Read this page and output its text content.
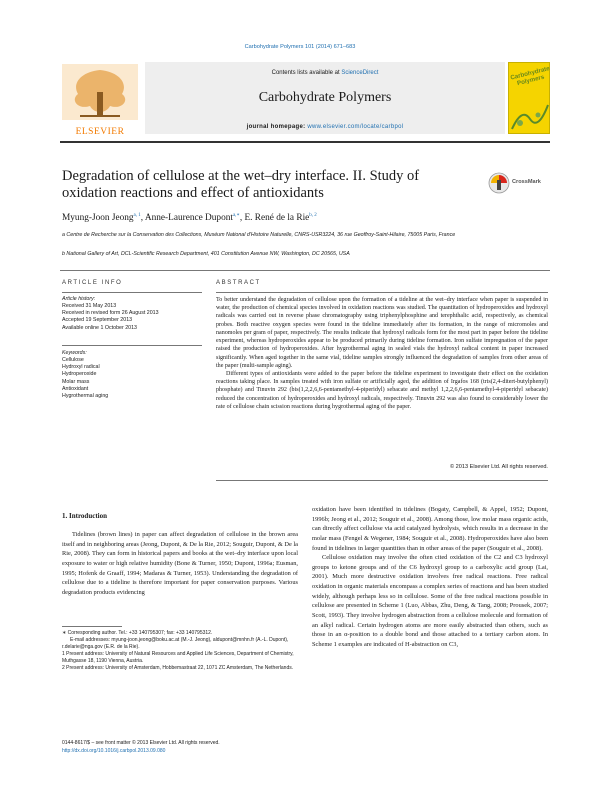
Carbohydrate Polymers 101 (2014) 671–683
ELSEVIER
Contents lists available at ScienceDirect
Carbohydrate Polymers
journal homepage: www.elsevier.com/locate/carbpol
Carbohydrate Polymers
Degradation of cellulose at the wet–dry interface. II. Study of oxidation reactions and effect of antioxidants
CrossMark
Myung-Joon Jeong$^{a, 1}$, Anne-Laurence Dupont$^{a,∗}$, E. René de la Rie$^{b, 2}$
a Centre de Recherche sur la Conservation des Collections, Muséum National d'Histoire Naturelle, CNRS-USR3224, 36 rue Geoffroy-Saint-Hilaire, 75005 Paris, France
b National Gallery of Art, DCL-Scientific Research Department, 401 Constitution Avenue NW, Washington, DC 20565, USA
ARTICLE INFO
Article history:
Received 31 May 2013
Received in revised form 26 August 2013
Accepted 19 September 2013
Available online 1 October 2013
Keywords:
Cellulose
Hydroxyl radical
Hydroperoxide
Molar mass
Antioxidant
Hygrothermal aging
ABSTRACT

To better understand the degradation of cellulose upon the formation of a tideline at the wet–dry interface when paper is suspended in water, the production of chemical species involved in oxidation reactions was studied. The quantitation of hydroperoxides and hydroxyl radicals was carried out in reverse phase chromatography using triphenylphosphine and terephthalic acid, respectively, as chemical probes. Both reactive oxygen species were found in the tideline immediately after its formation, in the range of micromoles and nanomoles per gram of paper, respectively. The results indicate that hydroxyl radicals form for the most part in paper before the tideline experiment, whereas hydroperoxides appear to be produced primarily during tideline formation. Iron sulfate impregnation of the paper raised the production of hydroperoxides. After hygrothermal aging in sealed vials the hydroxyl radical content in paper increased significantly. When aged together in the same vial, tideline samples strongly influenced the degradation of samples from other areas of the paper (multi-sample aging).

Different types of antioxidants were added to the paper before the tideline experiment to investigate their effect on the oxidation reactions taking place. In samples treated with iron sulfate or artificially aged, the addition of Irgafos 168 (tris(2,4-ditert-butylphenyl) phosphate) and Tinuvin 292 (bis(1,2,2,6,6-pentamethyl-4-piperidyl) sebacate and methyl 1,2,2,6,6-pentamethyl-4-piperidyl sebacate) reduced the concentration of hydroperoxides and hydroxyl radicals, respectively. Tinuvin 292 was also found to considerably lower the rate of cellulose chain scission reactions during hygrothermal aging of the paper.

© 2013 Elsevier Ltd. All rights reserved.
1. Introduction

Tidelines (brown lines) in paper can affect degradation of cellulose in the brown area itself and in neighboring areas (Jeong, Dupont, & De la Rie, 2012; Souguir, Dupont, & De la Rie, 2008). They can form in historical papers and books at the wet–dry interface upon local exposure to water or high relative humidity (Bone & Turner, 1950; Dupont, 1996a; Eusman, 1995; Hofenk de Graaff, 1994; Madaras & Turner, 1953). Understanding the degradation of cellulose due to a tideline is therefore important for paper conservation purposes. Various degradation products evidencing

oxidation have been identified in tidelines (Bogaty, Campbell, & Appel, 1952; Dupont, 1996b; Jeong et al., 2012; Souguir et al., 2008). Among those, low molar mass organic acids, can directly affect cellulose via acid catalyzed hydrolysis, which results in a decrease in the molar mass (Fengel & Wegener, 1984; Souguir et al., 2008). Hydroperoxides have also been found in tidelines in larger quantities than in other areas of the paper (Souguir et al., 2008).

Cellulose oxidation may involve the often cited oxidation of the C2 and C3 hydroxyl groups to ketone groups and of the C6 hydroxyl group to a carboxylic acid group (Lai, 2001). Much more destructive oxidation involves free radical reactions. Free radical oxidation in organic materials encompass a complex series of reactions and has been studied widely, although perhaps less so in cellulose. Some of the free radical reactions possible in cellulose are presented in Scheme 1 (Luo, Abbas, Zhu, Deng, & Tang, 2008; Prousek, 2007; Scott, 1993). They involve hydrogen abstraction from a cellulose molecule and formation of an alkyl radical. Certain hydrogen atoms are more easily abstracted than others, such as those in an α-position to a double bond and those attached to a tertiary carbon atom. In Scheme 1 examples are indicated of H-abstraction on C3,

∗ Corresponding author. Tel.: +33 140795307; fax: +33 140795312.
E-mail addresses: myung-joon.jeong@boku.ac.at (M.-J. Jeong), aldupont@mnhn.fr (A.-L. Dupont), r.delarie@nga.gov (E.R. de la Rie).
1 Present address: University of Natural Resources and Applied Life Sciences, Department of Chemistry, Muthgasse 18, 1190 Vienna, Austria.
2 Present address: University of Amsterdam, Hobbemastraat 22, 1071 ZC Amsterdam, The Netherlands.
0144-8617/$ – see front matter © 2013 Elsevier Ltd. All rights reserved.
http://dx.doi.org/10.1016/j.carbpol.2013.09.080
